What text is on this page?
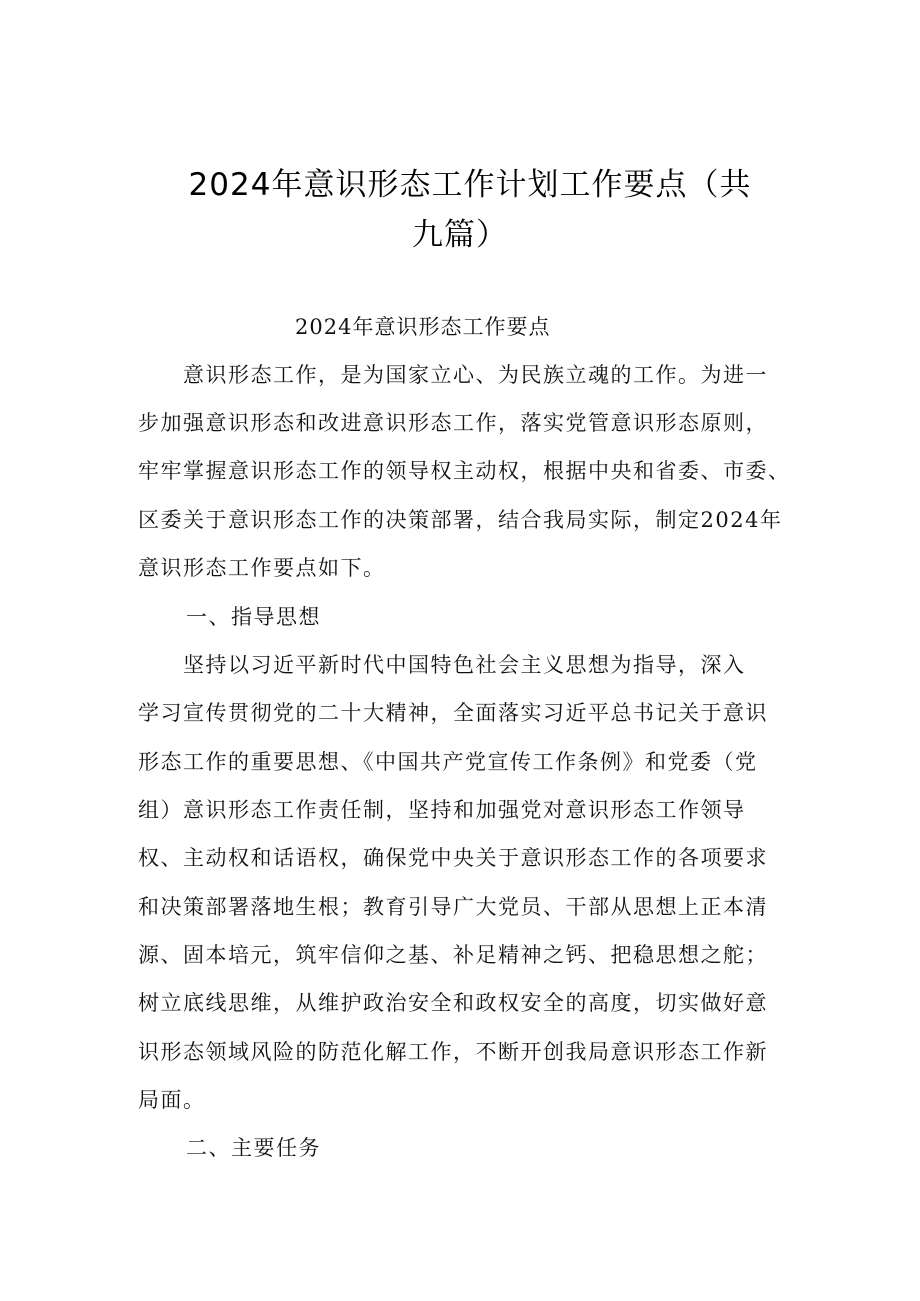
2024年意识形态工作计划工作要点（共
九篇）
2024年意识形态工作要点
　　意识形态工作，是为国家立心、为民族立魂的工作。为进一
步加强意识形态和改进意识形态工作，落实党管意识形态原则，
牢牢掌握意识形态工作的领导权主动权，根据中央和省委、市委、
区委关于意识形态工作的决策部署，结合我局实际，制定2024年
意识形态工作要点如下。
一、指导思想
　　坚持以习近平新时代中国特色社会主义思想为指导，深入
学习宣传贯彻党的二十大精神，全面落实习近平总书记关于意识
形态工作的重要思想、《中国共产党宣传工作条例》和党委（党
组）意识形态工作责任制，坚持和加强党对意识形态工作领导
权、主动权和话语权，确保党中央关于意识形态工作的各项要求
和决策部署落地生根；教育引导广大党员、干部从思想上正本清
源、固本培元，筑牢信仰之基、补足精神之钙、把稳思想之舵；
树立底线思维，从维护政治安全和政权安全的高度，切实做好意
识形态领域风险的防范化解工作，不断开创我局意识形态工作新
局面。
二、主要任务
